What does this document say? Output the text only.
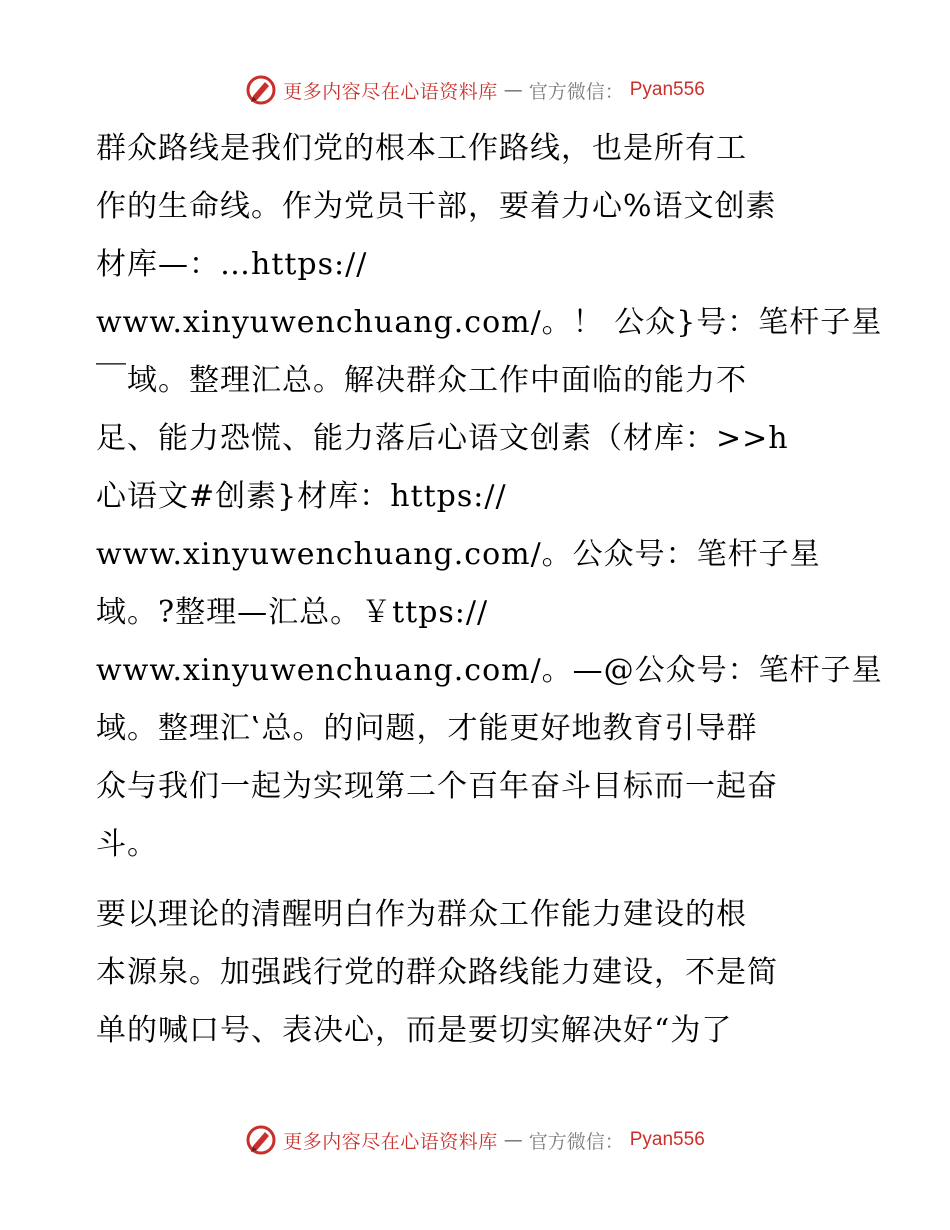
更多内容尽在心语资料库 — 官方微信： Pyan556

群众路线是我们党的根本工作路线，也是所有工
作的生命线。作为党员干部，要着力心%语文创素
材库—：…https://
www.xinyuwenchuang.com/。！ 公众}号：笔杆子星
￣域。整理汇总。解决群众工作中面临的能力不
足、能力恐慌、能力落后心语文创素（材库：>>h
心语文#创素}材库：https://
www.xinyuwenchuang.com/。公众号：笔杆子星
域。?整理—汇总。￥ttps://
www.xinyuwenchuang.com/。—@公众号：笔杆子星
域。整理汇‛总。的问题，才能更好地教育引导群
众与我们一起为实现第二个百年奋斗目标而一起奋
斗。

要以理论的清醒明白作为群众工作能力建设的根
本源泉。加强践行党的群众路线能力建设，不是简
单的喊口号、表决心，而是要切实解决好“为了

更多内容尽在心语资料库 — 官方微信： Pyan556
